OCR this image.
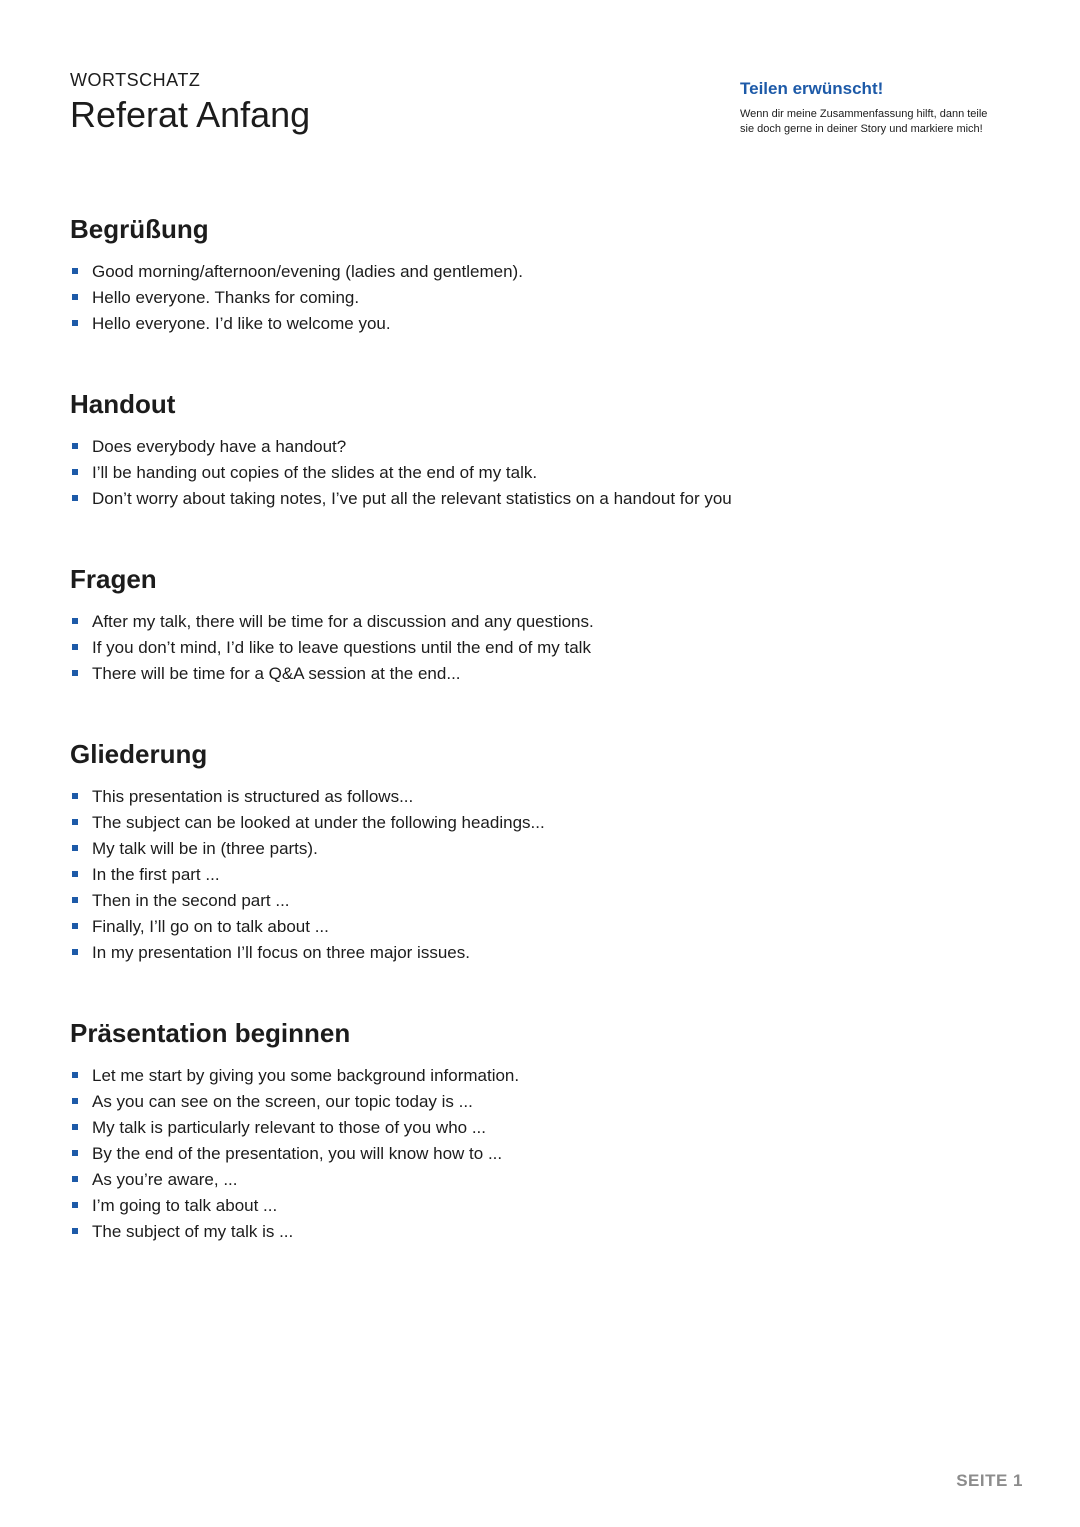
WORTSCHATZ
Referat Anfang

Teilen erwünscht!

Wenn dir meine Zusammenfassung hilft, dann teile
sie doch gerne in deiner Story und markiere mich!

Begrüßung
Good morning/afternoon/evening (ladies and gentlemen).
Hello everyone. Thanks for coming.
Hello everyone. I’d like to welcome you.
Handout
Does everybody have a handout?
I’ll be handing out copies of the slides at the end of my talk.
Don’t worry about taking notes, I’ve put all the relevant statistics on a handout for you
Fragen
After my talk, there will be time for a discussion and any questions.
If you don’t mind, I’d like to leave questions until the end of my talk
There will be time for a Q&A session at the end...
Gliederung
This presentation is structured as follows...
The subject can be looked at under the following headings...
My talk will be in (three parts).
In the first part ...
Then in the second part ...
Finally, I’ll go on to talk about ...
In my presentation I’ll focus on three major issues.
Präsentation beginnen
Let me start by giving you some background information.
As you can see on the screen, our topic today is ...
My talk is particularly relevant to those of you who ...
By the end of the presentation, you will know how to ...
As you’re aware, ...
I’m going to talk about ...
The subject of my talk is ...
SEITE 1
